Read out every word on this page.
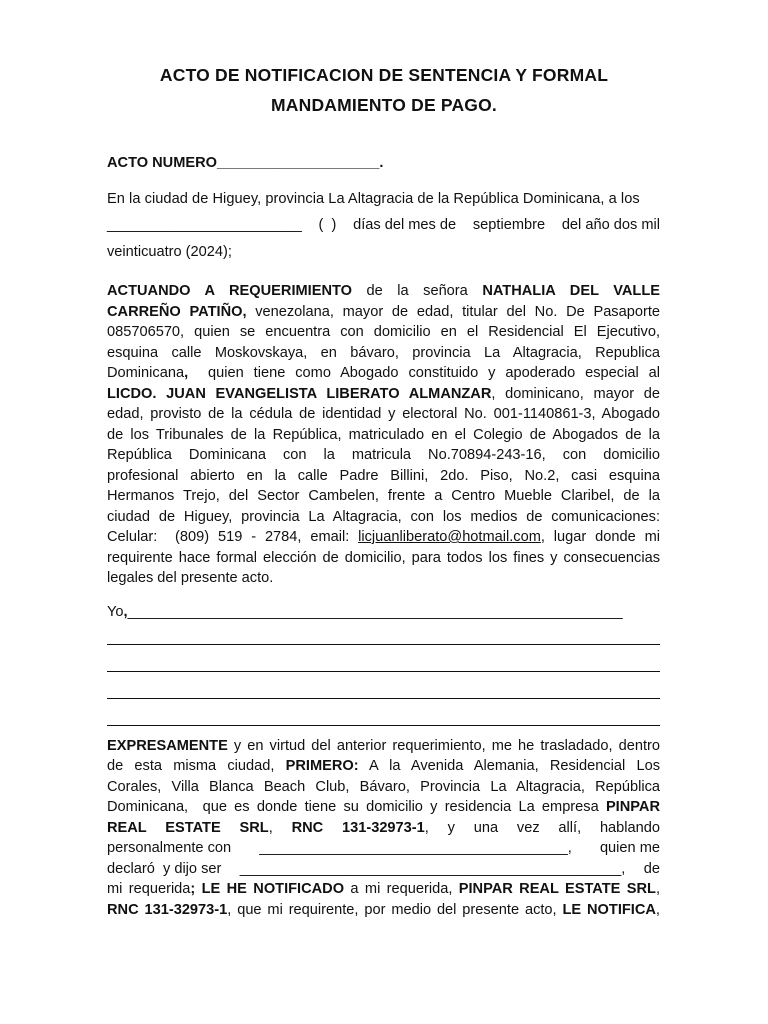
ACTO DE NOTIFICACION DE SENTENCIA Y FORMAL
MANDAMIENTO DE PAGO.
ACTO NUMERO____________________.
En la ciudad de Higuey, provincia La Altagracia de la República Dominicana, a los
________________________ (  ) días del mes de septiembre del año dos mil
veinticuatro (2024);
ACTUANDO A REQUERIMIENTO de la señora NATHALIA DEL VALLE
CARREÑO PATIÑO, venezolana, mayor de edad, titular del No. De Pasaporte
085706570, quien se encuentra con domicilio en el Residencial El Ejecutivo,
esquina calle Moskovskaya, en bávaro, provincia La Altagracia, Republica
Dominicana,  quien tiene como Abogado constituido y apoderado especial al
LICDO. JUAN EVANGELISTA LIBERATO ALMANZAR, dominicano, mayor de
edad, provisto de la cédula de identidad y electoral No. 001-1140861-3, Abogado
de los Tribunales de la República, matriculado en el Colegio de Abogados de la
República Dominicana con la matricula No.70894-243-16, con domicilio
profesional abierto en la calle Padre Billini, 2do. Piso, No.2, casi esquina
Hermanos Trejo, del Sector Cambelen, frente a Centro Mueble Claribel, de la
ciudad de Higuey, provincia La Altagracia, con los medios de comunicaciones:
Celular:  (809) 519 - 2784, email: licjuanliberato@hotmail.com, lugar donde mi
requirente hace formal elección de domicilio, para todos los fines y consecuencias
legales del presente acto.
Yo,_____________________________________________________________
EXPRESAMENTE y en virtud del anterior requerimiento, me he trasladado, dentro
de esta misma ciudad, PRIMERO: A la Avenida Alemania, Residencial Los
Corales, Villa Blanca Beach Club, Bávaro, Provincia La Altagracia, República
Dominicana,  que es donde tiene su domicilio y residencia La empresa PINPAR
REAL ESTATE SRL, RNC 131-32973-1, y una vez allí, hablando
personalmente con ______________________________________, quien me
declaró  y dijo ser _______________________________________________, de
mi requerida; LE HE NOTIFICADO a mi requerida, PINPAR REAL ESTATE SRL,
RNC 131-32973-1, que mi requirente, por medio del presente acto, LE NOTIFICA,
